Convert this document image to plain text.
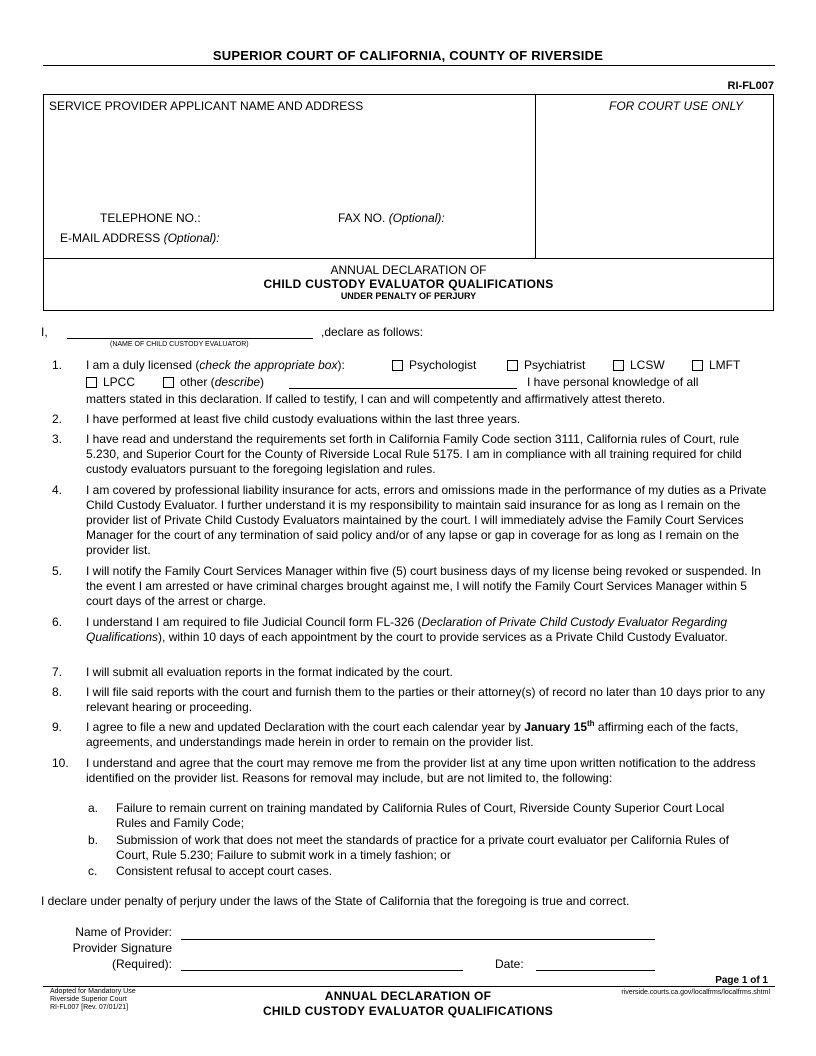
SUPERIOR COURT OF CALIFORNIA, COUNTY OF RIVERSIDE
RI-FL007
SERVICE PROVIDER APPLICANT NAME AND ADDRESS	FOR COURT USE ONLY
TELEPHONE NO.:	FAX NO. (Optional):
E-MAIL ADDRESS (Optional):
ANNUAL DECLARATION OF
CHILD CUSTODY EVALUATOR QUALIFICATIONS
UNDER PENALTY OF PERJURY
I,	,declare as follows:
(NAME OF CHILD CUSTODY EVALUATOR)
1. I am a duly licensed (check the appropriate box):	Psychologist	Psychiatrist	LCSW	LMFT
LPCC	other (describe)	I have personal knowledge of all
matters stated in this declaration. If called to testify, I can and will competently and affirmatively attest thereto.
2. I have performed at least five child custody evaluations within the last three years.
3. I have read and understand the requirements set forth in California Family Code section 3111, California rules of Court, rule 5.230, and Superior Court for the County of Riverside Local Rule 5175. I am in compliance with all training required for child custody evaluators pursuant to the foregoing legislation and rules.
4. I am covered by professional liability insurance for acts, errors and omissions made in the performance of my duties as a Private Child Custody Evaluator. I further understand it is my responsibility to maintain said insurance for as long as I remain on the provider list of Private Child Custody Evaluators maintained by the court. I will immediately advise the Family Court Services Manager for the court of any termination of said policy and/or of any lapse or gap in coverage for as long as I remain on the provider list.
5. I will notify the Family Court Services Manager within five (5) court business days of my license being revoked or suspended. In the event I am arrested or have criminal charges brought against me, I will notify the Family Court Services Manager within 5 court days of the arrest or charge.
6. I understand I am required to file Judicial Council form FL-326 (Declaration of Private Child Custody Evaluator Regarding Qualifications), within 10 days of each appointment by the court to provide services as a Private Child Custody Evaluator.
7. I will submit all evaluation reports in the format indicated by the court.
8. I will file said reports with the court and furnish them to the parties or their attorney(s) of record no later than 10 days prior to any relevant hearing or proceeding.
9. I agree to file a new and updated Declaration with the court each calendar year by January 15th affirming each of the facts, agreements, and understandings made herein in order to remain on the provider list.
10. I understand and agree that the court may remove me from the provider list at any time upon written notification to the address identified on the provider list. Reasons for removal may include, but are not limited to, the following:
a. Failure to remain current on training mandated by California Rules of Court, Riverside County Superior Court Local Rules and Family Code;
b. Submission of work that does not meet the standards of practice for a private court evaluator per California Rules of Court, Rule 5.230; Failure to submit work in a timely fashion; or
c. Consistent refusal to accept court cases.
I declare under penalty of perjury under the laws of the State of California that the foregoing is true and correct.
Name of Provider:
Provider Signature
(Required):	Date:
Page 1 of 1
Adopted for Mandatory Use
Riverside Superior Court
RI-FL007 [Rev. 07/01/21]
ANNUAL DECLARATION OF
CHILD CUSTODY EVALUATOR QUALIFICATIONS
riverside.courts.ca.gov/localfrms/localfrms.shtml
